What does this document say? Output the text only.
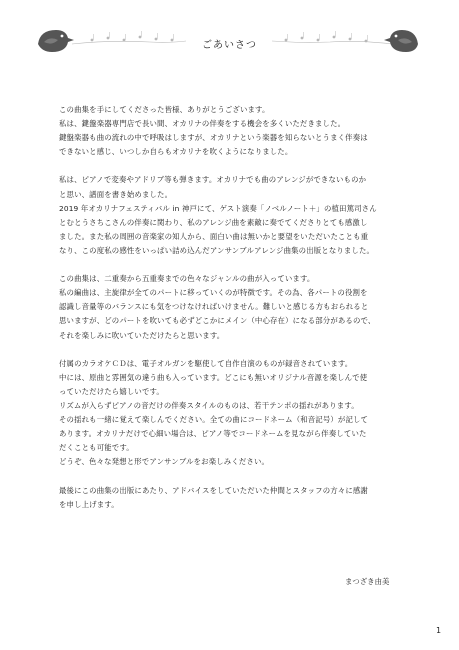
ごあいさつ

この曲集を手にしてくださった皆様、ありがとうございます。
私は、鍵盤楽器専門店で長い間、オカリナの伴奏をする機会を多くいただきました。
鍵盤楽器も曲の流れの中で呼吸はしますが、オカリナという楽器を知らないとうまく伴奏は
できないと感じ、いつしか自らもオカリナを吹くようになりました。

私は、ピアノで変奏やアドリブ等も弾きます。オカリナでも曲のアレンジができないものか
と思い、譜面を書き始めました。
2019 年オカリナフェスティバル in 神戸にて、ゲスト演奏「ノベルノート＋」の植田篤司さん
とむとうさちこさんの伴奏に関わり、私のアレンジ曲を素敵に奏でてくださりとても感激し
ました。また私の周囲の音楽家の知人から、面白い曲は無いかと要望をいただいたことも重
なり、この度私の感性をいっぱい詰め込んだアンサンブルアレンジ曲集の出版となりました。

この曲集は、二重奏から五重奏までの色々なジャンルの曲が入っています。
私の編曲は、主旋律が全てのパートに移っていくのが特徴です。その為、各パートの役割を
認識し音量等のバランスにも気をつけなければいけません。難しいと感じる方もおられると
思いますが、どのパートを吹いても必ずどこかにメイン（中心存在）になる部分があるので、
それを楽しみに吹いていただけたらと思います。

付属のカラオケＣＤは、電子オルガンを駆使して自作自演のものが録音されています。
中には、原曲と雰囲気の違う曲も入っています。どこにも無いオリジナル音源を楽しんで使
っていただけたら嬉しいです。
リズムが入らずピアノの音だけの伴奏スタイルのものは、若干テンポの揺れがあります。
その揺れも一緒に覚えて楽しんでください。全ての曲にコードネーム（和音記号）が記して
あります。オカリナだけで心細い場合は、ピアノ等でコードネームを見ながら伴奏していた
だくことも可能です。
どうぞ、色々な発想と形でアンサンブルをお楽しみください。

最後にこの曲集の出版にあたり、アドバイスをしていただいた仲間とスタッフの方々に感謝
を申し上げます。

まつざき由美
1
